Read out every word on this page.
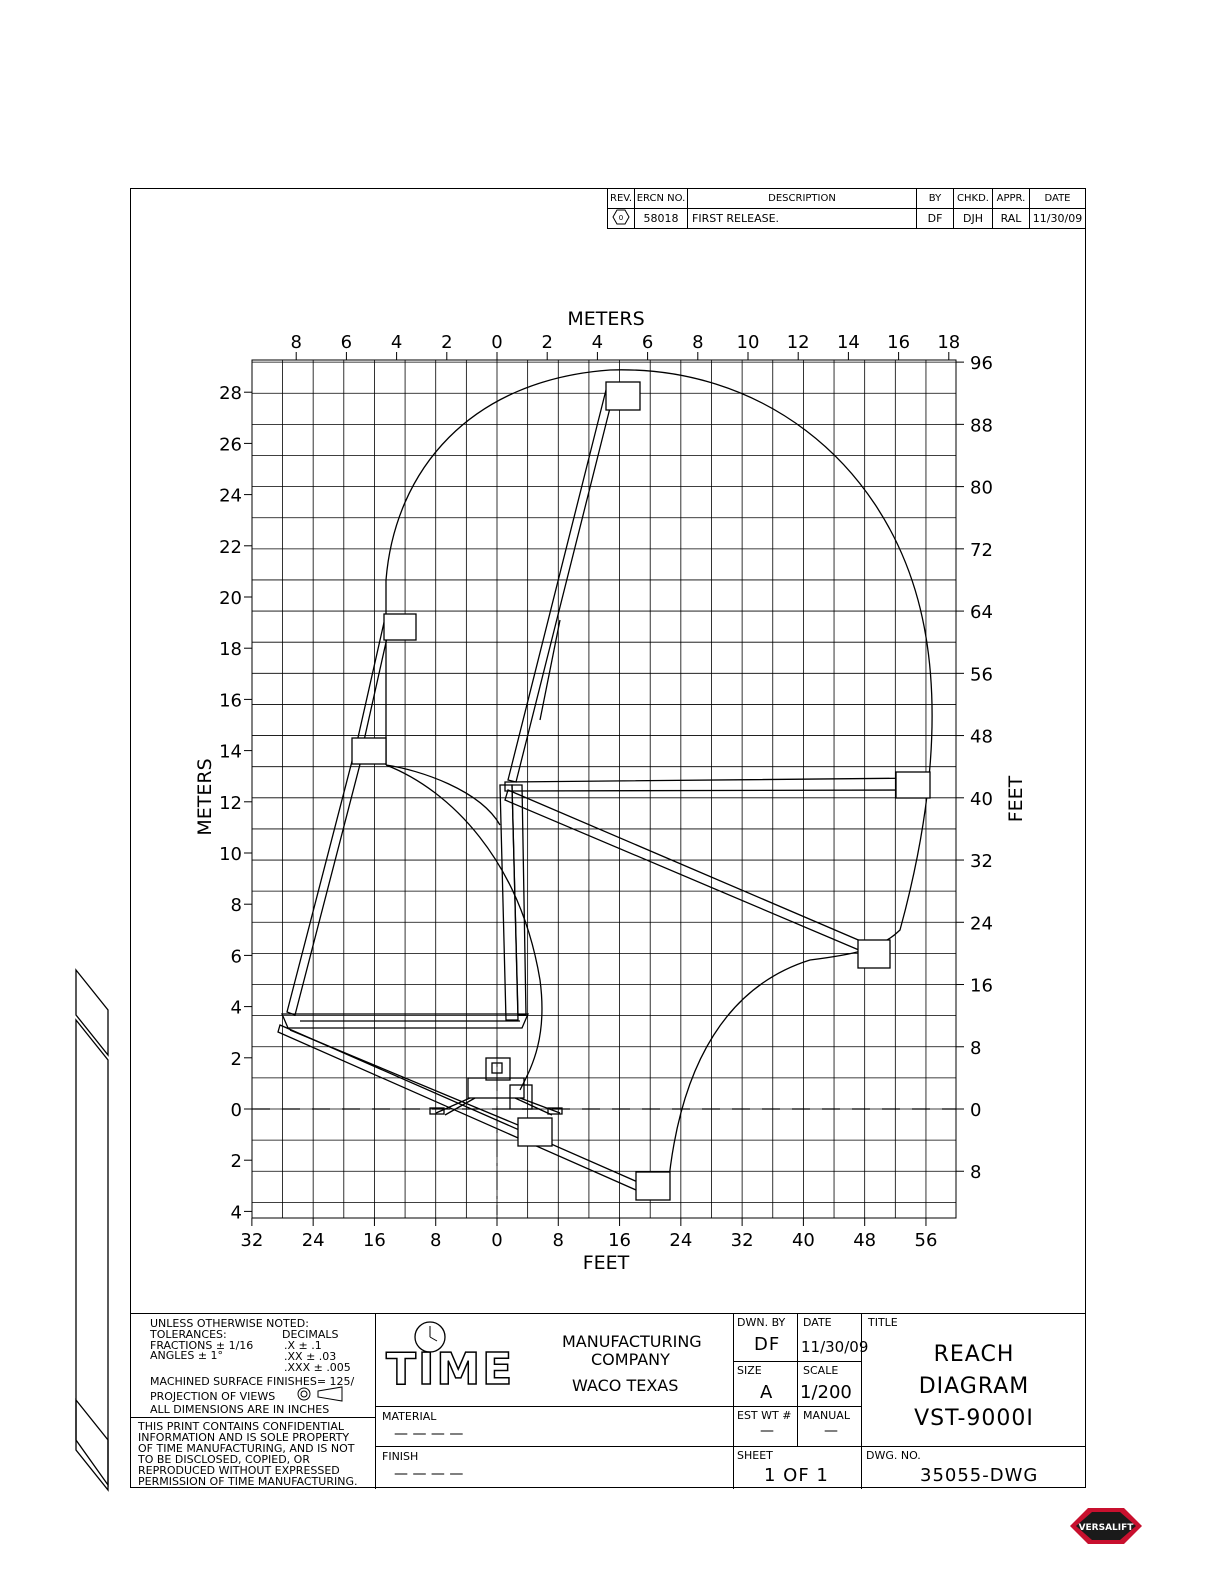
REV.	ERCN NO.	DESCRIPTION	BY	CHKD.	APPR.	DATE

0	58018	FIRST RELEASE.	DF	DJH	RAL	11/30/09
8 6 4 2 0 2 4 6 8 10 12 14 16 18
32 24 16 8	0	8 16 24 32 40 48 56
28
26
24
22
20
18
16
14
12
10
8
6
4
2
0
2
4
96
88
80
72
64
56
48
40
32
24
16
8
0
8
METERS
FEET
METERS	FEET
UNLESS OTHERWISE NOTED:
TOLERANCES:	DECIMALS
FRACTIONS ± 1/16
ANGLES ± 1°
.X ± .1
.XX ± .03
.XXX ± .005
MACHINED SURFACE FINISHES= 125/
PROJECTION OF VIEWS
ALL DIMENSIONS ARE IN INCHES
THIS PRINT CONTAINS CONFIDENTIAL
INFORMATION AND IS SOLE PROPERTY
OF TIME MANUFACTURING, AND IS NOT
TO BE DISCLOSED, COPIED, OR
REPRODUCED WITHOUT EXPRESSED
PERMISSION OF TIME MANUFACTURING.
TIME
MANUFACTURING
COMPANY
WACO TEXAS
MATERIAL
— — — —
FINISH
— — — —
DWN. BY
DF
DATE
11/30/09
SIZE
A
SCALE
1/200
EST WT #
—
MANUAL
—
SHEET
1 OF 1
TITLE
REACH
DIAGRAM
VST-9000I
DWG. NO.
35055-DWG
VERSALIFT
